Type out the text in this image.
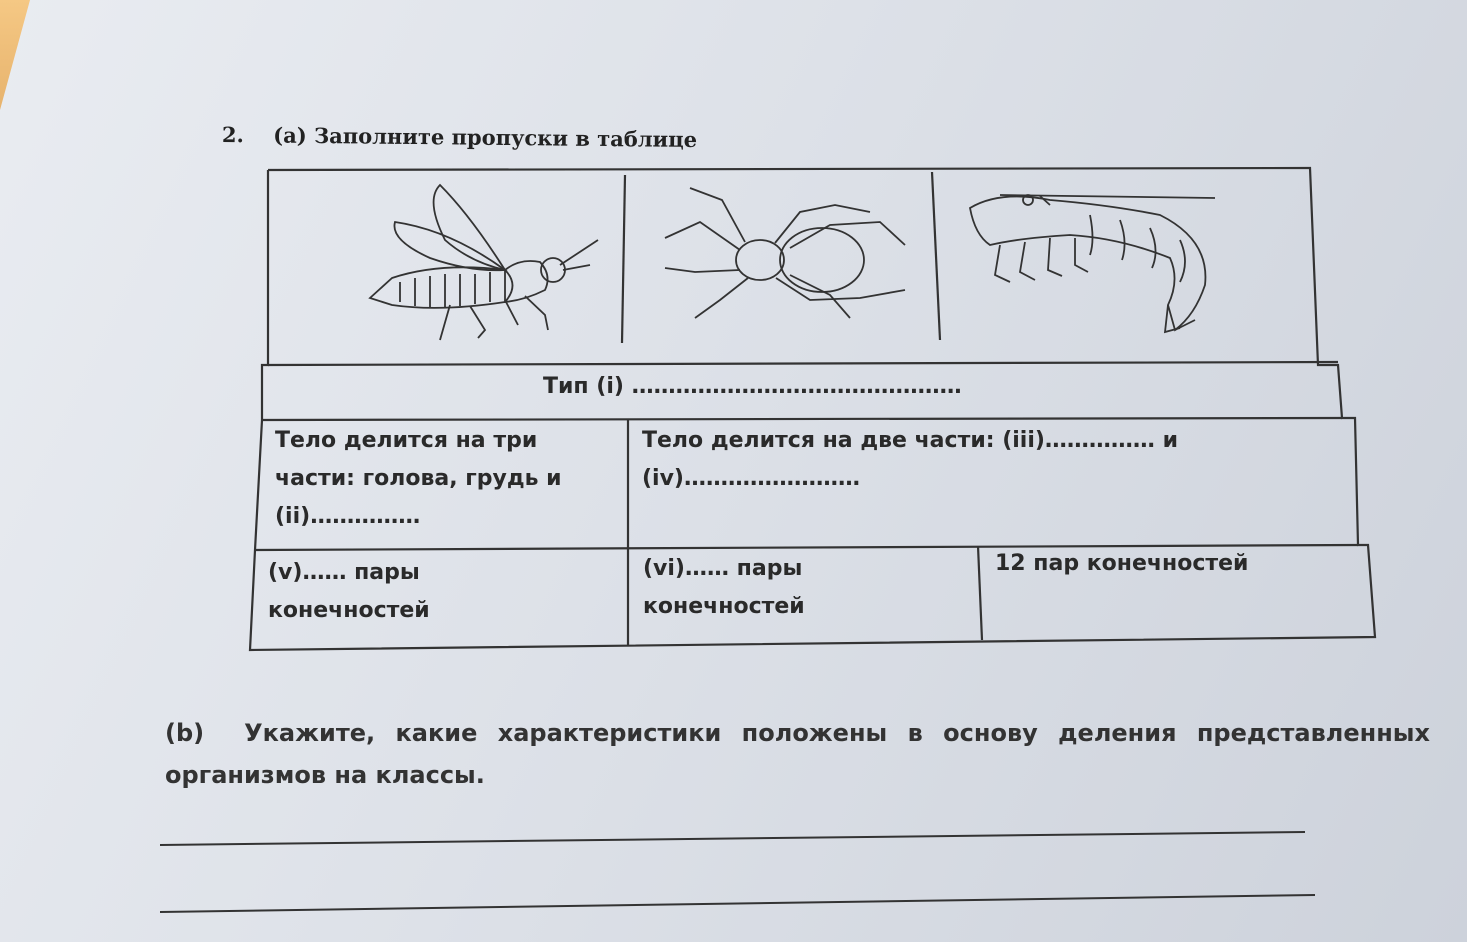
2. (а) Заполните пропуски в таблице
Тип (i) ………………………………………
Тело делится на три
части: голова, грудь и
(ii)……………
Тело делится на две части: (iii)…………… и
(iv)……………………
(v)…… пары
конечностей
(vi)…… пары
конечностей
12 пар конечностей
(b) Укажите, какие характеристики положены в основу деления представленных организмов на классы.
